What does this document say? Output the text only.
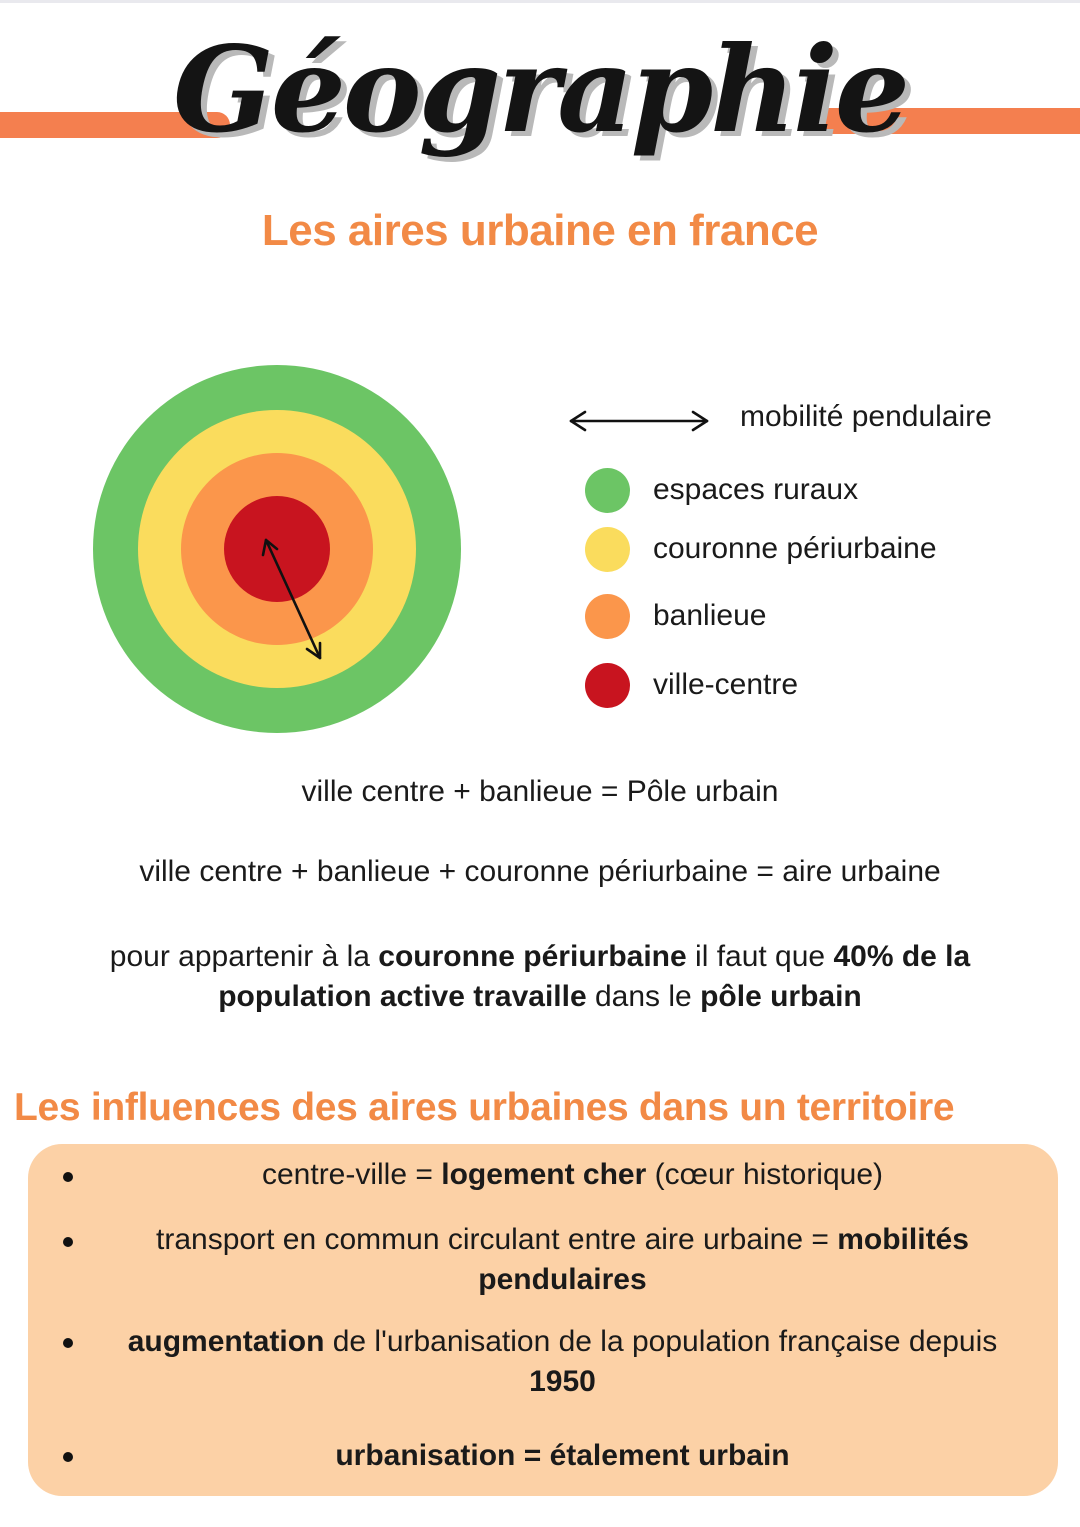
Géographie
Les aires urbaine en france
mobilité pendulaire
espaces ruraux
couronne périurbaine
banlieue
ville-centre
ville centre + banlieue = Pôle urbain
ville centre + banlieue + couronne périurbaine = aire urbaine
pour appartenir à la couronne périurbaine il faut que 40% de la population active travaille dans le pôle urbain
Les influences des aires urbaines dans un territoire
centre-ville = logement cher (cœur historique)
transport en commun circulant entre aire urbaine = mobilités pendulaires
augmentation de l'urbanisation de la population française depuis 1950
urbanisation = étalement urbain
